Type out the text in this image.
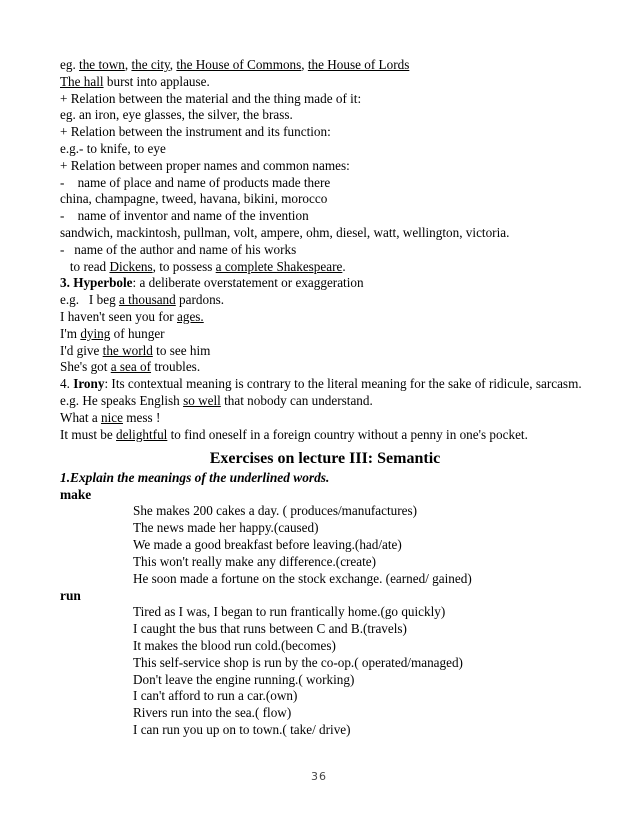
eg. the town, the city, the House of Commons, the House of Lords
The hall burst into applause.
+ Relation between the material and the thing made of it:
eg. an iron, eye glasses, the silver, the brass.
+ Relation between the instrument and its function:
e.g.- to knife, to eye
+ Relation between proper names and common names:
-    name of place and name of products made there
china, champagne, tweed, havana, bikini, morocco
-    name of inventor and name of the invention
sandwich, mackintosh, pullman, volt, ampere, ohm, diesel, watt, wellington, victoria.
-   name of the author and name of his works
to read Dickens, to possess a complete Shakespeare.
3. Hyperbole: a deliberate overstatement or exaggeration
e.g.   I beg a thousand pardons.
I haven't seen you for ages.
I'm dying of hunger
I'd give the world to see him
She's got a sea of troubles.
4. Irony: Its contextual meaning is contrary to the literal meaning for the sake of ridicule, sarcasm.
e.g. He speaks English so well that nobody can understand.
What a nice mess !
It must be delightful to find oneself in a foreign country without a penny in one's pocket.
Exercises on lecture III: Semantic
1.Explain the meanings of the underlined words.
make
She makes 200 cakes a day. ( produces/manufactures)
The news made her happy.(caused)
We made a good breakfast before leaving.(had/ate)
This won't really make any difference.(create)
He soon made a fortune on the stock exchange. (earned/ gained)
run
Tired as I was, I began to run frantically home.(go quickly)
I caught the bus that runs between C and B.(travels)
It makes the blood run cold.(becomes)
This self-service shop is run by the co-op.( operated/managed)
Don't leave the engine running.( working)
I can't afford to run a car.(own)
Rivers run into the sea.( flow)
I can run you up on to town.( take/ drive)
36
